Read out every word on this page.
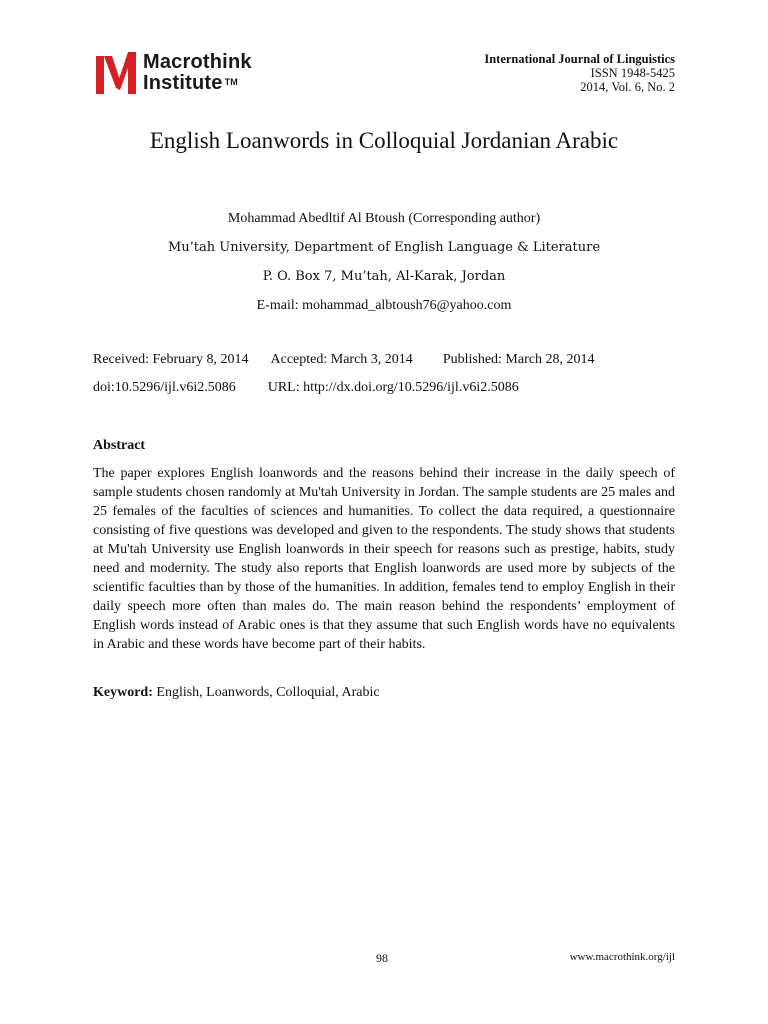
Macrothink
Institute ™
International Journal of Linguistics
ISSN 1948-5425
2014, Vol. 6, No. 2
English Loanwords in Colloquial Jordanian Arabic
Mohammad Abedltif Al Btoush (Corresponding author)
Mu’tah University, Department of English Language & Literature
P. O. Box 7, Mu’tah, Al-Karak, Jordan
E-mail: mohammad_albtoush76@yahoo.com
Received: February 8, 2014 Accepted: March 3, 2014 Published: March 28, 2014
doi:10.5296/ijl.v6i2.5086 URL: http://dx.doi.org/10.5296/ijl.v6i2.5086
Abstract
The paper explores English loanwords and the reasons behind their increase in the daily speech of sample students chosen randomly at Mu'tah University in Jordan. The sample students are 25 males and 25 females of the faculties of sciences and humanities. To collect the data required, a questionnaire consisting of five questions was developed and given to the respondents. The study shows that students at Mu'tah University use English loanwords in their speech for reasons such as prestige, habits, study need and modernity. The study also reports that English loanwords are used more by subjects of the scientific faculties than by those of the humanities. In addition, females tend to employ English in their daily speech more often than males do. The main reason behind the respondents’ employment of English words instead of Arabic ones is that they assume that such English words have no equivalents in Arabic and these words have become part of their habits.
Keyword: English, Loanwords, Colloquial, Arabic
98	www.macrothink.org/ijl
